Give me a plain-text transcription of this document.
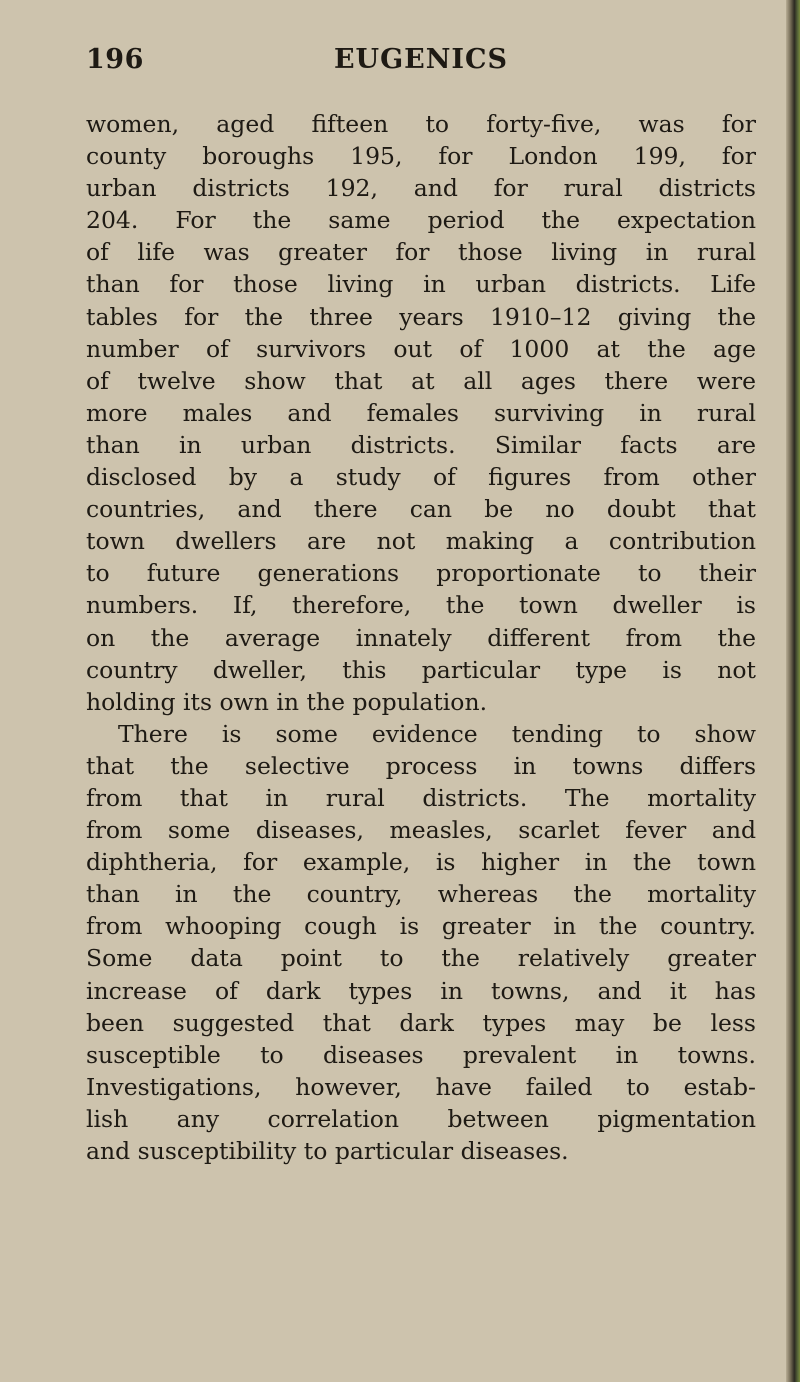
196	EUGENICS
women, aged fifteen to forty-five, was for
county boroughs 195, for London 199, for
urban districts 192, and for rural districts
204. For the same period the expectation
of life was greater for those living in rural
than for those living in urban districts. Life
tables for the three years 1910–12 giving the
number of survivors out of 1000 at the age
of twelve show that at all ages there were
more males and females surviving in rural
than in urban districts. Similar facts are
disclosed by a study of figures from other
countries, and there can be no doubt that
town dwellers are not making a contribution
to future generations proportionate to their
numbers. If, therefore, the town dweller is
on the average innately different from the
country dweller, this particular type is not
holding its own in the population.
There is some evidence tending to show
that the selective process in towns differs
from that in rural districts. The mortality
from some diseases, measles, scarlet fever and
diphtheria, for example, is higher in the town
than in the country, whereas the mortality
from whooping cough is greater in the country.
Some data point to the relatively greater
increase of dark types in towns, and it has
been suggested that dark types may be less
susceptible to diseases prevalent in towns.
Investigations, however, have failed to estab-
lish any correlation between pigmentation
and susceptibility to particular diseases.
